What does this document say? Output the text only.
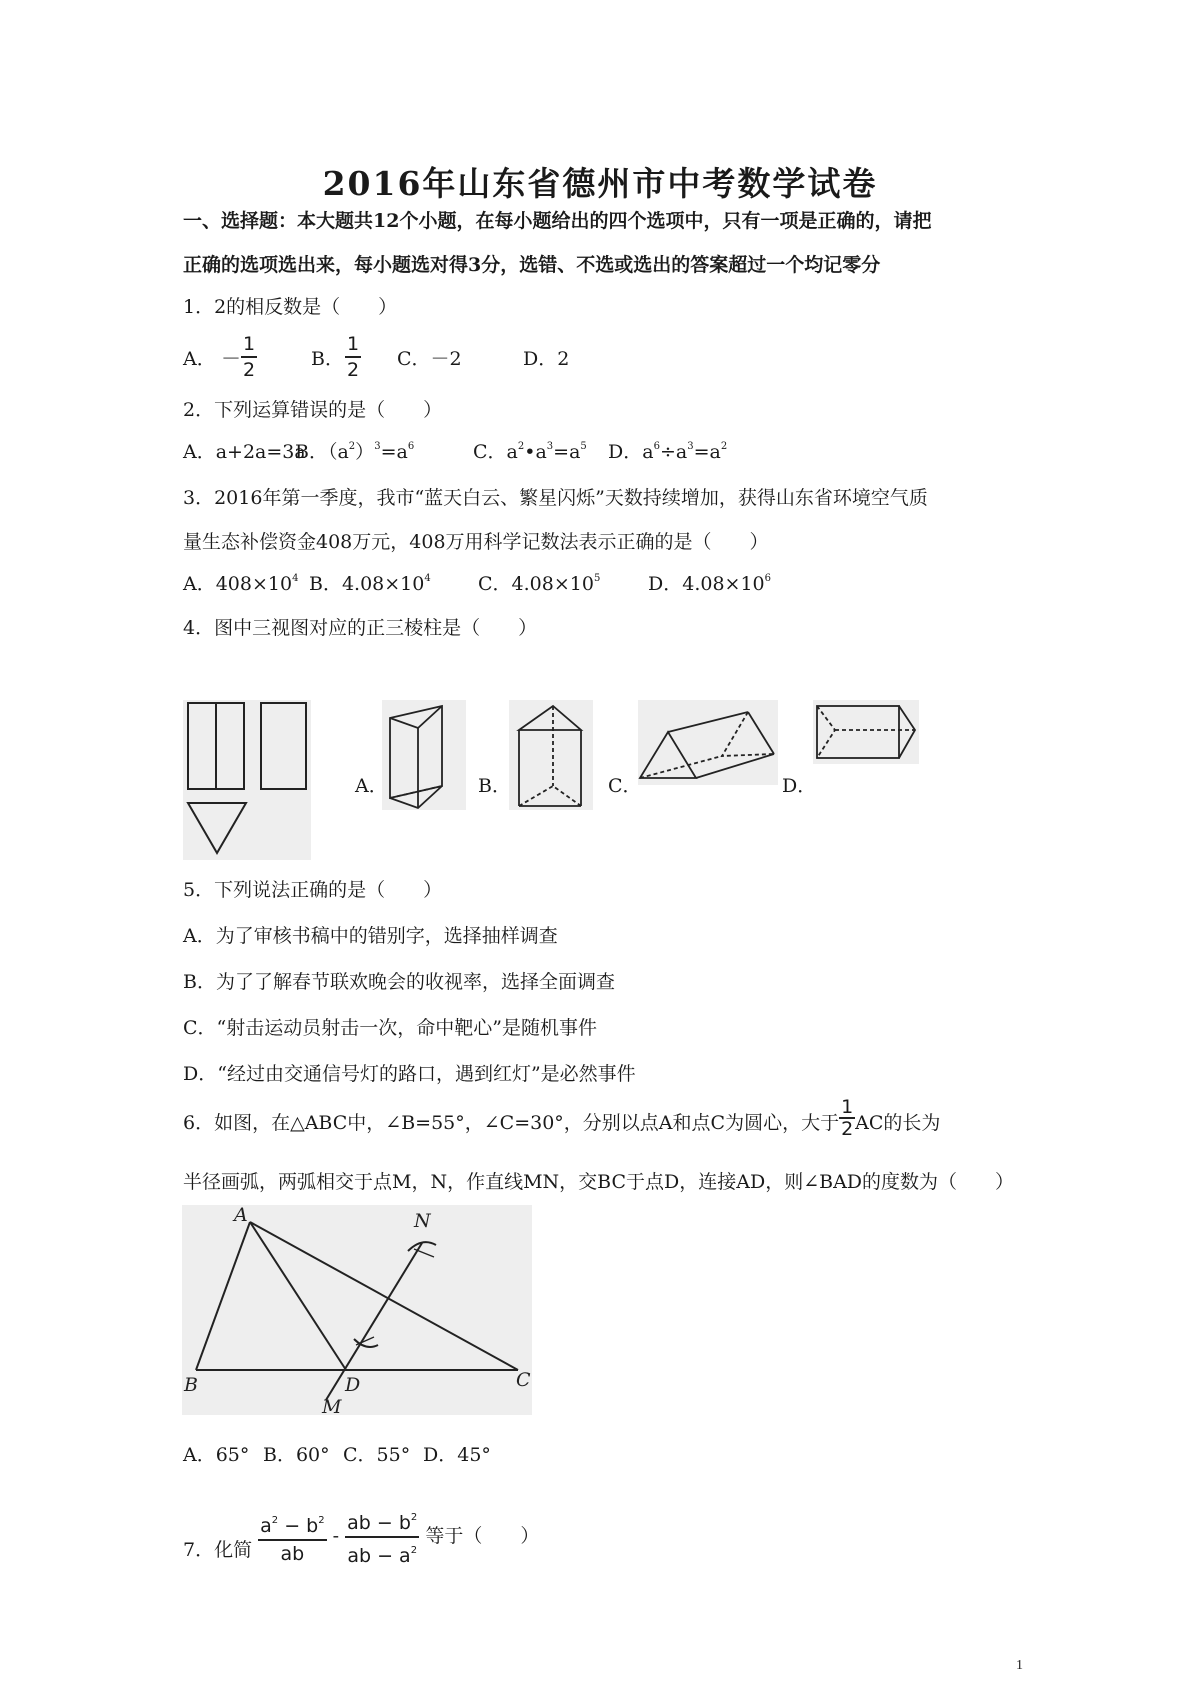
2016年山东省德州市中考数学试卷
一、选择题：本大题共12个小题，在每小题给出的四个选项中，只有一项是正确的，请把
正确的选项选出来，每小题选对得3分，选错、不选或选出的答案超过一个均记零分
1．2的相反数是（　　）
A． － $\frac{1}{2}$	B． $\frac{1}{2}$ C．－2	D．2
2．下列运算错误的是（　　）
A．a+2a=3a
B．$(a^2)^3=a^6$	C．$a^2•a^3=a^5$ D．$a^6\div a^3=a^2$
3．2016年第一季度，我市“蓝天白云、繁星闪烁”天数持续增加，获得山东省环境空气质
量生态补偿资金408万元，408万用科学记数法表示正确的是（　　）
A．$408\times 10^4$ B．$4.08\times 10^4$ C．$4.08\times 10^5$	D．$4.08\times 10^6$
4．图中三视图对应的正三棱柱是（　　）
A．	B．	C．	D．
5．下列说法正确的是（　　）
A．为了审核书稿中的错别字，选择抽样调查
B．为了了解春节联欢晚会的收视率，选择全面调查
C．“射击运动员射击一次，命中靶心”是随机事件
D．“经过由交通信号灯的路口，遇到红灯”是必然事件
6．如图，在△ABC中，∠B=55°，∠C=30°，分别以点A和点C为圆心，大于 $\frac{1}{2}$ AC的长为
半径画弧，两弧相交于点M，N，作直线MN，交BC于点D，连接AD，则∠BAD的度数为（　　）
A	N
B	D	C
M
A．65° B．60° C．55° D．45°
7．化简 $\frac{a^2 - b^2}{ab} - \frac{ab - b^2}{ab - a^2}$ 等于（　　）
1
